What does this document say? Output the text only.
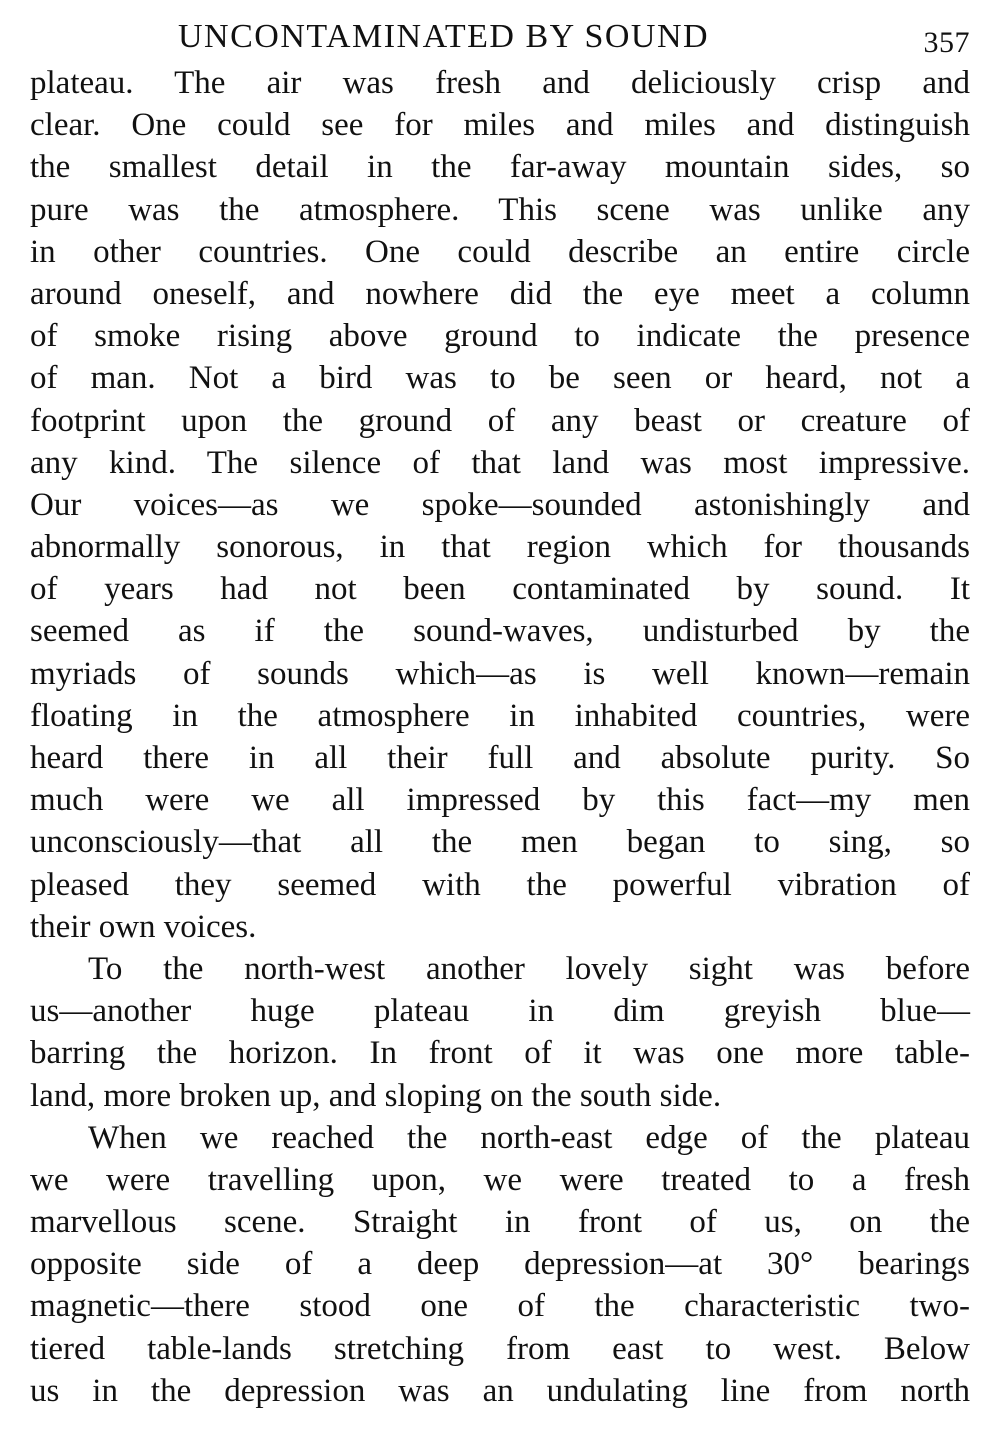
UNCONTAMINATED BY SOUND	357
plateau. The air was fresh and deliciously crisp and
clear. One could see for miles and miles and distinguish
the smallest detail in the far-away mountain sides, so
pure was the atmosphere. This scene was unlike any
in other countries. One could describe an entire circle
around oneself, and nowhere did the eye meet a column
of smoke rising above ground to indicate the presence
of man. Not a bird was to be seen or heard, not a
footprint upon the ground of any beast or creature of
any kind. The silence of that land was most impressive.
Our voices—as we spoke—sounded astonishingly and
abnormally sonorous, in that region which for thousands
of years had not been contaminated by sound. It
seemed as if the sound-waves, undisturbed by the
myriads of sounds which—as is well known—remain
floating in the atmosphere in inhabited countries, were
heard there in all their full and absolute purity. So
much were we all impressed by this fact—my men
unconsciously—that all the men began to sing, so
pleased they seemed with the powerful vibration of
their own voices.
To the north-west another lovely sight was before
us—another huge plateau in dim greyish blue—
barring the horizon. In front of it was one more table-
land, more broken up, and sloping on the south side.
When we reached the north-east edge of the plateau
we were travelling upon, we were treated to a fresh
marvellous scene. Straight in front of us, on the
opposite side of a deep depression—at 30° bearings
magnetic—there stood one of the characteristic two-
tiered table-lands stretching from east to west. Below
us in the depression was an undulating line from north
